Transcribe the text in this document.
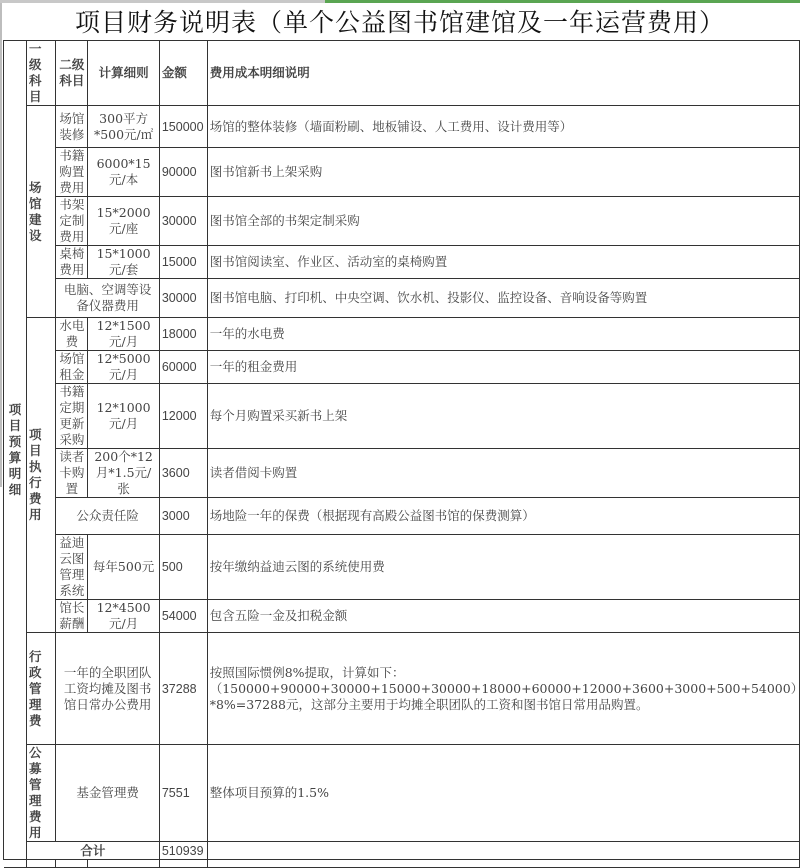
项目财务说明表（单个公益图书馆建馆及一年运营费用）
项目预
算明细	一级科目	二级科目	计算细则	金额	费用成本明细说明
	场馆建设	场馆装修	300平方*500元/㎡	150000	场馆的整体装修（墙面粉刷、地板铺设、人工费用、设计费用等）
		书籍购置费用	6000*15元/本	90000	图书馆新书上架采购
		书架定制费用	15*2000元/座	30000	图书馆全部的书架定制采购
		桌椅费用	15*1000元/套	15000	图书馆阅读室、作业区、活动室的桌椅购置
		电脑、空调等设备仪器费用		30000	图书馆电脑、打印机、中央空调、饮水机、投影仪、监控设备、音响设备等购置
	项目执行费用	水电费	12*1500元/月	18000	一年的水电费
		场馆租金	12*5000元/月	60000	一年的租金费用
		书籍定期更新采购	12*1000元/月	12000	每个月购置采买新书上架
		读者卡购置	200个*12月*1.5元/张	3600	读者借阅卡购置
		公众责任险		3000	场地险一年的保费（根据现有高殿公益图书馆的保费测算）
		益迪云图管理系统	每年500元	500	按年缴纳益迪云图的系统使用费
		馆长薪酬	12*4500元/月	54000	包含五险一金及扣税金额
	行政管理费	一年的全职团队工资均摊及图书馆日常办公费用		37288	按照国际惯例8%提取，计算如下：（150000+90000+30000+15000+30000+18000+60000+12000+3600+3000+500+54000）*8%=37288元，这部分主要用于均摊全职团队的工资和图书馆日常用品购置。
	公募管理费用	基金管理费		7551	整体项目预算的1.5%
	合计			510939	
